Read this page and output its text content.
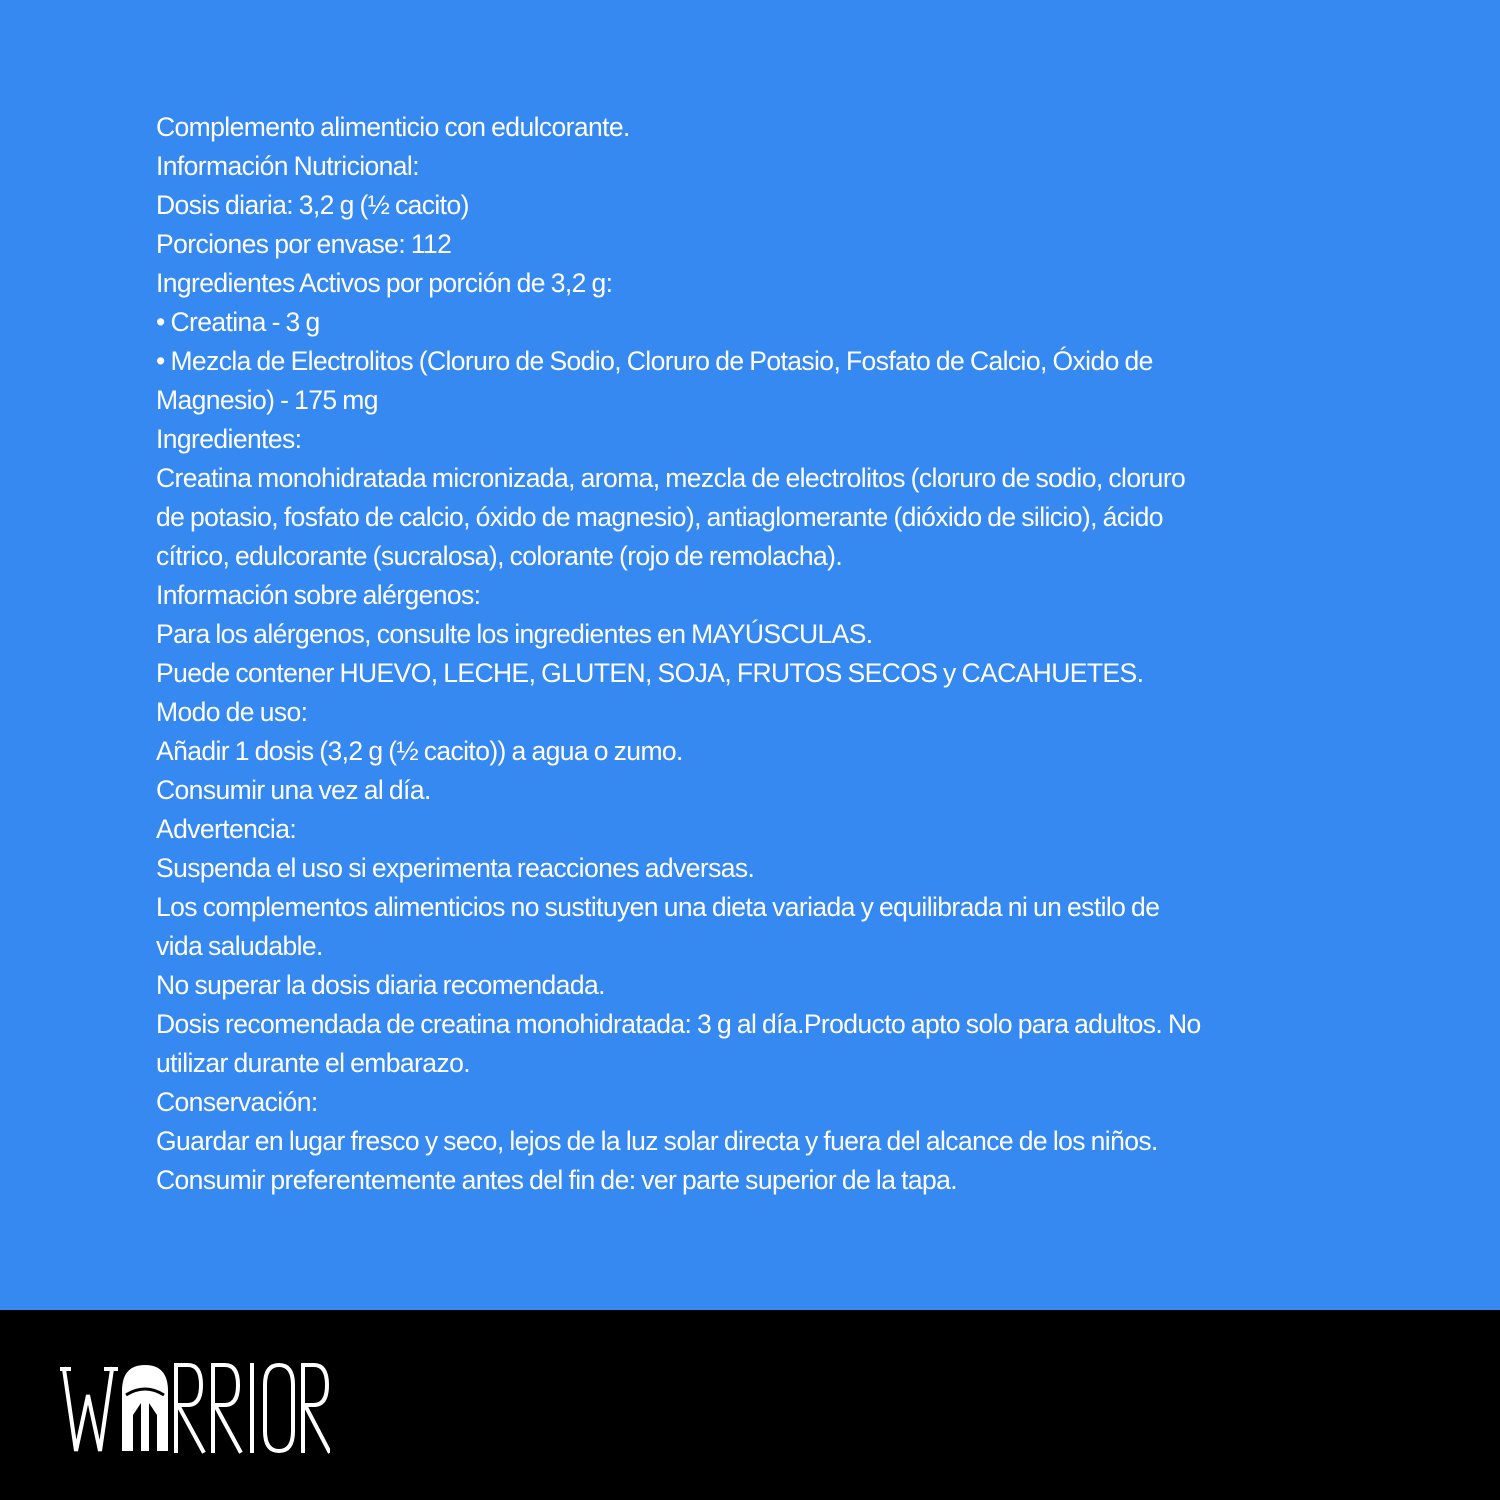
Complemento alimenticio con edulcorante.
Información Nutricional:
Dosis diaria: 3,2 g (½ cacito)
Porciones por envase: 112
Ingredientes Activos por porción de 3,2 g:
• Creatina - 3 g
• Mezcla de Electrolitos (Cloruro de Sodio, Cloruro de Potasio, Fosfato de Calcio, Óxido de
Magnesio) - 175 mg
Ingredientes:
Creatina monohidratada micronizada, aroma, mezcla de electrolitos (cloruro de sodio, cloruro
de potasio, fosfato de calcio, óxido de magnesio), antiaglomerante (dióxido de silicio), ácido
cítrico, edulcorante (sucralosa), colorante (rojo de remolacha).
Información sobre alérgenos:
Para los alérgenos, consulte los ingredientes en MAYÚSCULAS.
Puede contener HUEVO, LECHE, GLUTEN, SOJA, FRUTOS SECOS y CACAHUETES.
Modo de uso:
Añadir 1 dosis (3,2 g (½ cacito)) a agua o zumo.
Consumir una vez al día.
Advertencia:
Suspenda el uso si experimenta reacciones adversas.
Los complementos alimenticios no sustituyen una dieta variada y equilibrada ni un estilo de
vida saludable.
No superar la dosis diaria recomendada.
Dosis recomendada de creatina monohidratada: 3 g al día.Producto apto solo para adultos. No
utilizar durante el embarazo.
Conservación:
Guardar en lugar fresco y seco, lejos de la luz solar directa y fuera del alcance de los niños.
Consumir preferentemente antes del fin de: ver parte superior de la tapa.
